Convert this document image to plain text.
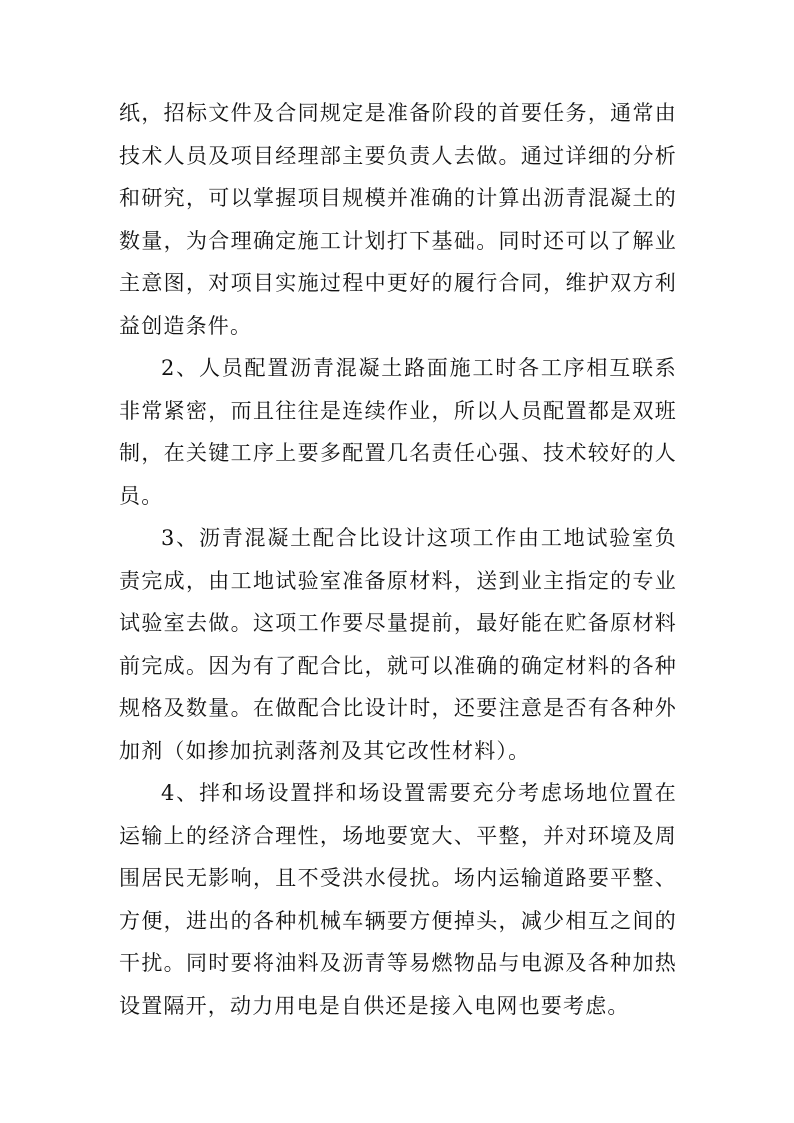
纸，招标文件及合同规定是准备阶段的首要任务，通常由技术人员及项目经理部主要负责人去做。通过详细的分析和研究，可以掌握项目规模并准确的计算出沥青混凝土的数量，为合理确定施工计划打下基础。同时还可以了解业主意图，对项目实施过程中更好的履行合同，维护双方利益创造条件。

2、人员配置沥青混凝土路面施工时各工序相互联系非常紧密，而且往往是连续作业，所以人员配置都是双班制，在关键工序上要多配置几名责任心强、技术较好的人员。

3、沥青混凝土配合比设计这项工作由工地试验室负责完成，由工地试验室准备原材料，送到业主指定的专业试验室去做。这项工作要尽量提前，最好能在贮备原材料前完成。因为有了配合比，就可以准确的确定材料的各种规格及数量。在做配合比设计时，还要注意是否有各种外加剂（如掺加抗剥落剂及其它改性材料）。

4、拌和场设置拌和场设置需要充分考虑场地位置在运输上的经济合理性，场地要宽大、平整，并对环境及周围居民无影响，且不受洪水侵扰。场内运输道路要平整、方便，进出的各种机械车辆要方便掉头，减少相互之间的干扰。同时要将油料及沥青等易燃物品与电源及各种加热设置隔开，动力用电是自供还是接入电网也要考虑。
